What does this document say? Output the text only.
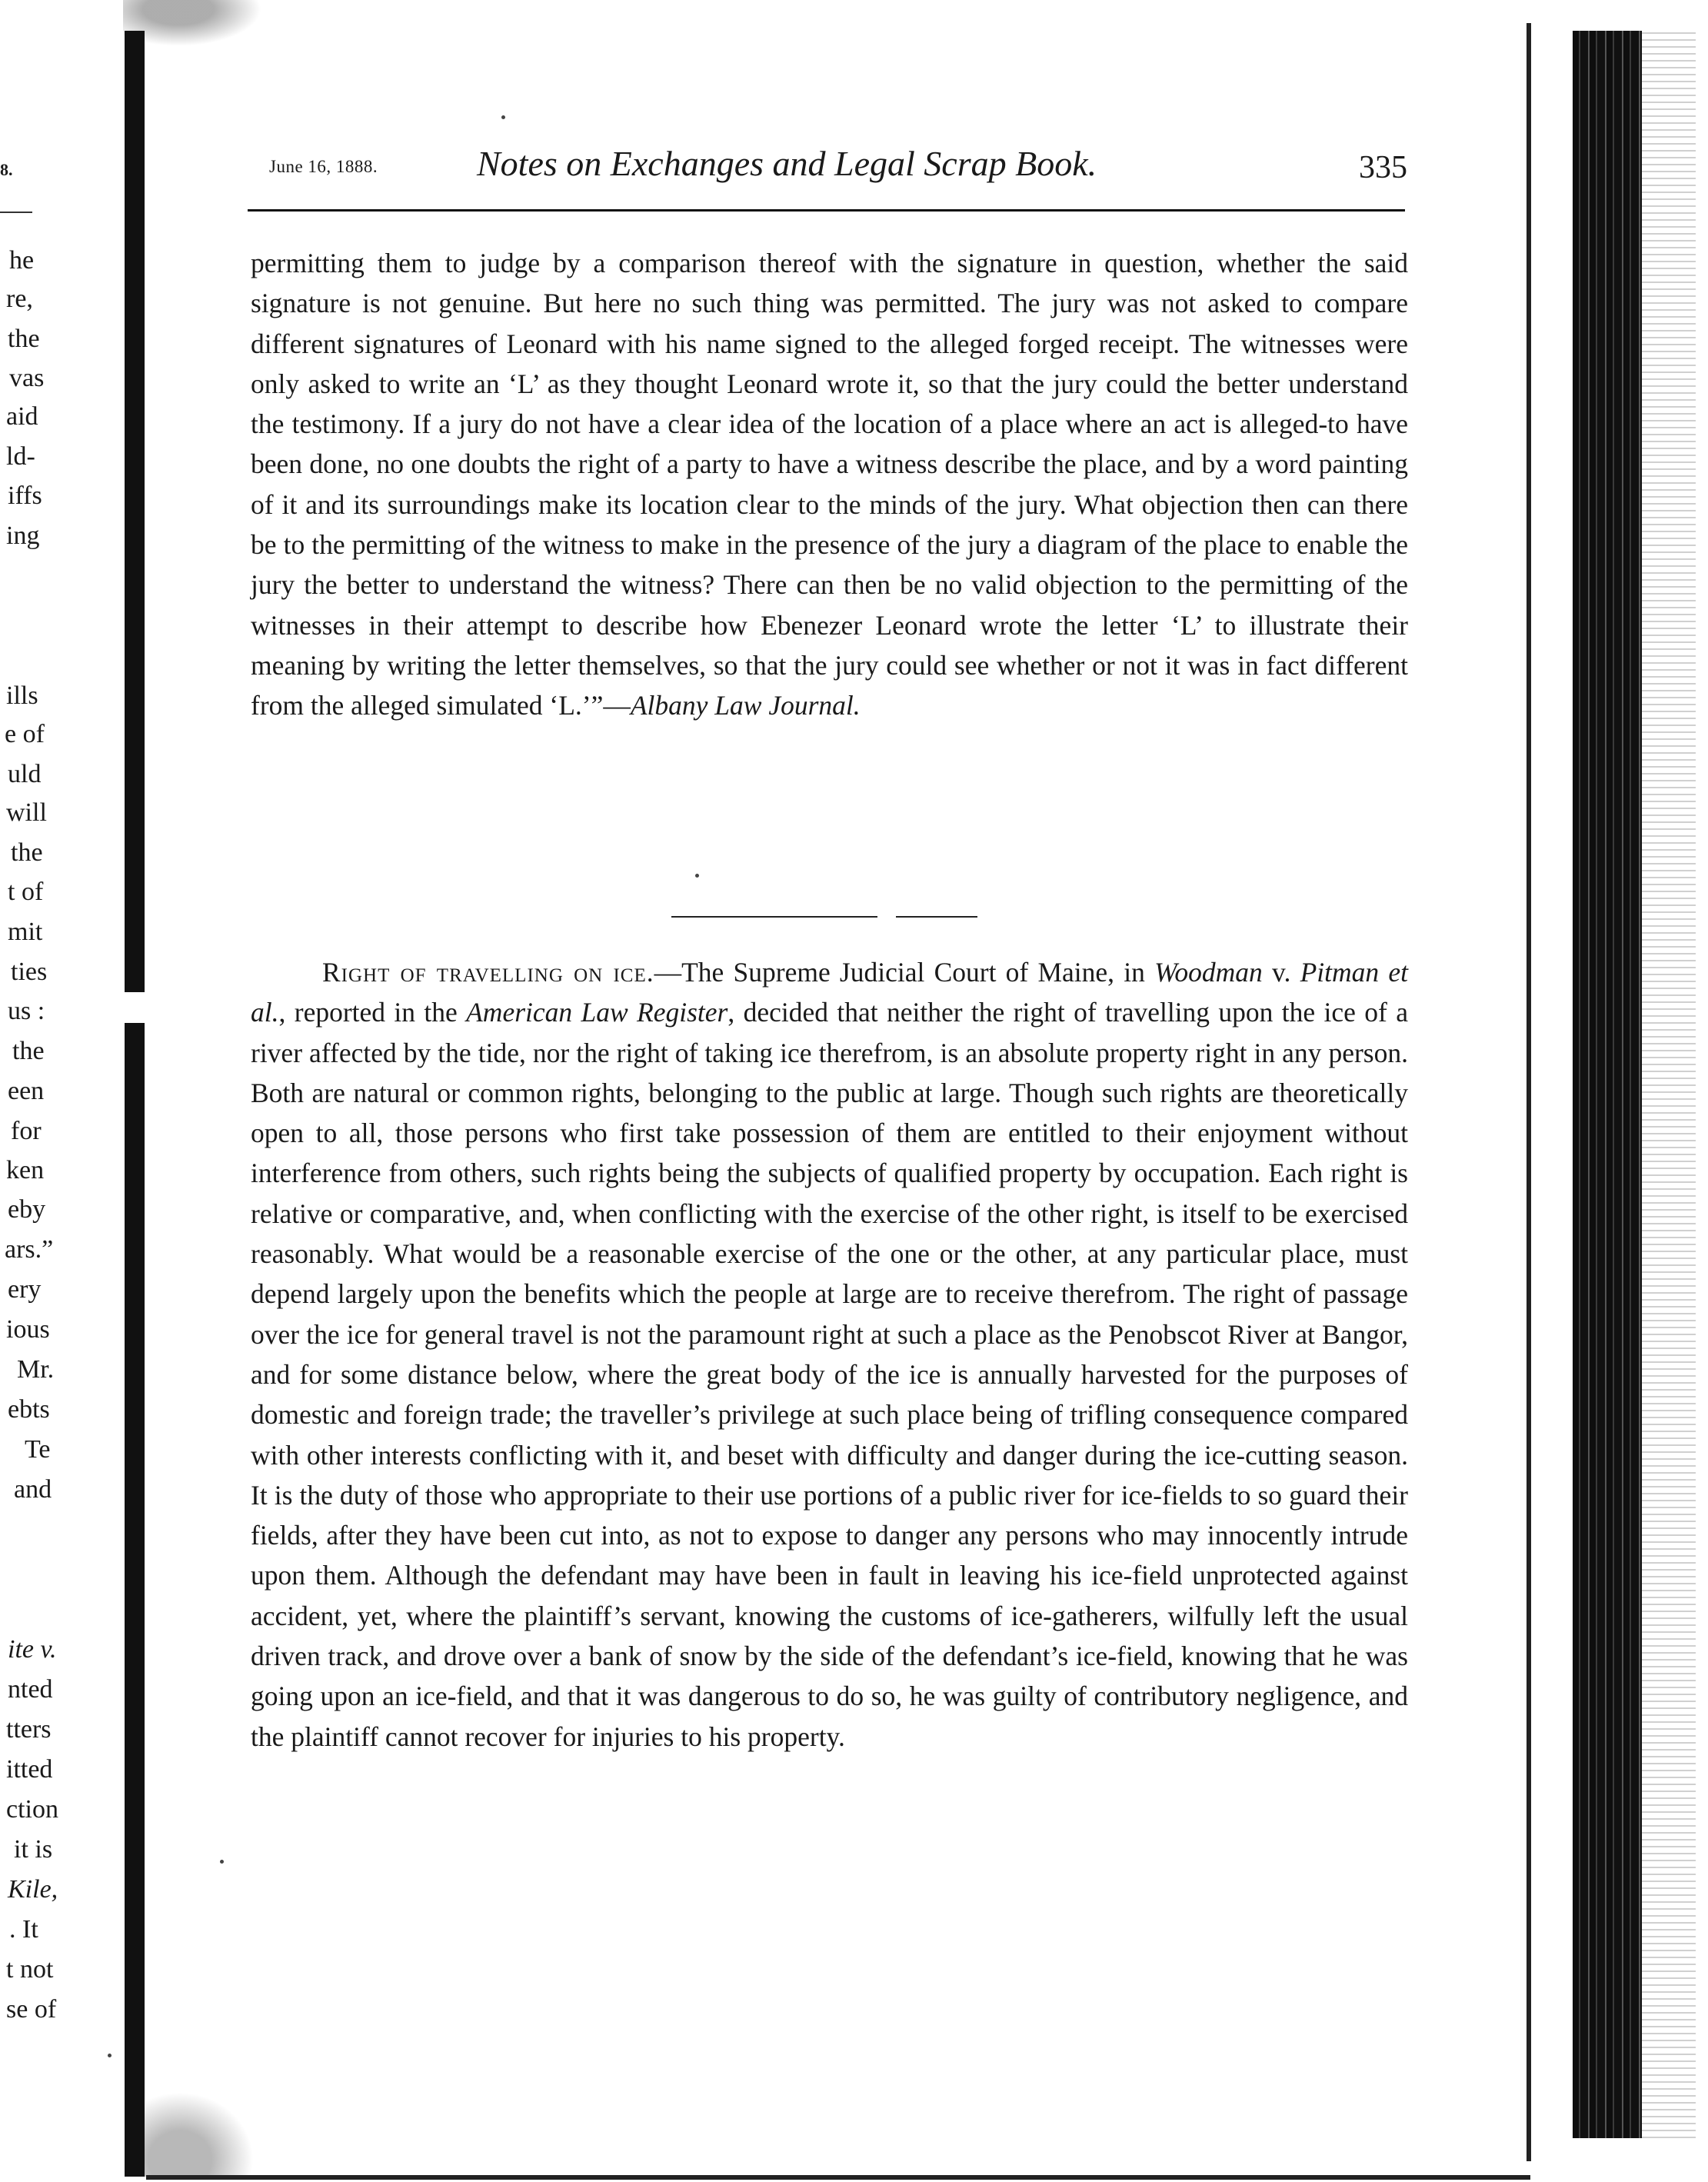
8.
he
re,
the
vas
aid
ld-
iffs
ing
ills
e of
uld
will
the
t of
mit
ties
us :
the
een
for
ken
eby
ars.”
ery
ious
Mr.
ebts
Te
and
ite v.
nted
tters
itted
ction
it is
Kile,
. It
t not
se of
June 16, 1888.	Notes on Exchanges and Legal Scrap Book.	335
permitting them to judge by a comparison thereof with the signature in question, whether the said signature is not genuine. But here no such thing was permitted. The jury was not asked to compare different signatures of Leonard with his name signed to the alleged forged receipt. The witnesses were only asked to write an ‘L’ as they thought Leonard wrote it, so that the jury could the better understand the testimony. If a jury do not have a clear idea of the location of a place where an act is alleged-to have been done, no one doubts the right of a party to have a witness describe the place, and by a word painting of it and its surroundings make its location clear to the minds of the jury. What objection then can there be to the permitting of the witness to make in the presence of the jury a diagram of the place to enable the jury the better to understand the witness? There can then be no valid objection to the permitting of the witnesses in their attempt to describe how Ebenezer Leonard wrote the letter ‘L’ to illustrate their meaning by writing the letter themselves, so that the jury could see whether or not it was in fact different from the alleged simulated ‘L.’”—Albany Law Journal.
Right of travelling on ice.—The Supreme Judicial Court of Maine, in Woodman v. Pitman et al., reported in the American Law Register, decided that neither the right of travelling upon the ice of a river affected by the tide, nor the right of taking ice therefrom, is an absolute property right in any person. Both are natural or common rights, belonging to the public at large. Though such rights are theoretically open to all, those persons who first take possession of them are entitled to their enjoyment without interference from others, such rights being the subjects of qualified property by occupation. Each right is relative or comparative, and, when conflicting with the exercise of the other right, is itself to be exercised reasonably. What would be a reasonable exercise of the one or the other, at any particular place, must depend largely upon the benefits which the people at large are to receive therefrom. The right of passage over the ice for general travel is not the paramount right at such a place as the Penobscot River at Bangor, and for some distance below, where the great body of the ice is annually harvested for the purposes of domestic and foreign trade; the traveller’s privilege at such place being of trifling consequence compared with other interests conflicting with it, and beset with difficulty and danger during the ice-cutting season. It is the duty of those who appropriate to their use portions of a public river for ice-fields to so guard their fields, after they have been cut into, as not to expose to danger any persons who may innocently intrude upon them. Although the defendant may have been in fault in leaving his ice-field unprotected against accident, yet, where the plaintiff’s servant, knowing the customs of ice-gatherers, wilfully left the usual driven track, and drove over a bank of snow by the side of the defendant’s ice-field, knowing that he was going upon an ice-field, and that it was dangerous to do so, he was guilty of contributory negligence, and the plaintiff cannot recover for injuries to his property.
